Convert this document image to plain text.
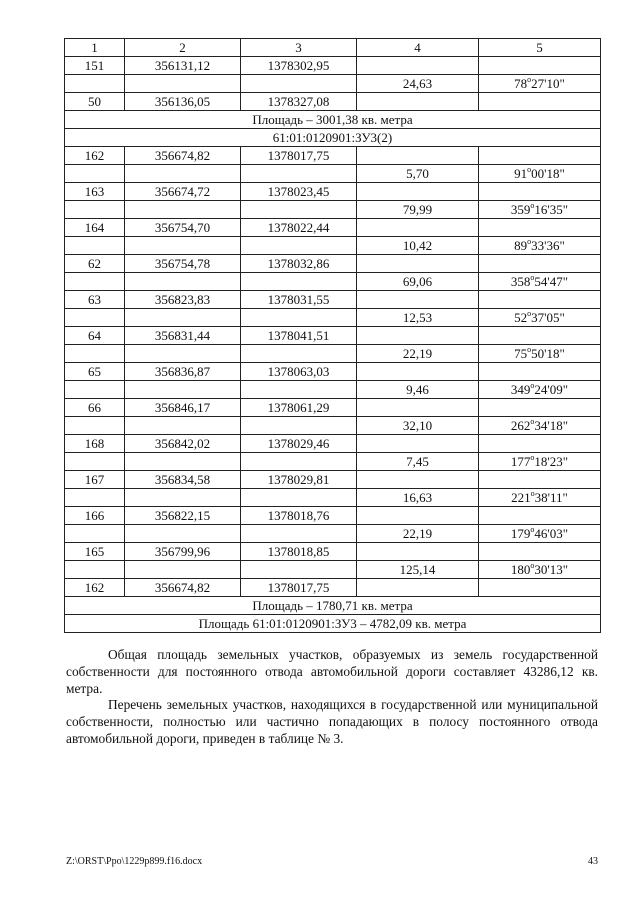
1	2	3	4	5
151	356131,12	1378302,95		
			24,63	78$^o$27'10"
50	356136,05	1378327,08		
Площадь – 3001,38 кв. метра				
61:01:0120901:ЗУ3(2)				
162	356674,82	1378017,75		
			5,70	91$^o$00'18"
163	356674,72	1378023,45		
			79,99	359$^o$16'35"
164	356754,70	1378022,44		
			10,42	89$^o$33'36"
62	356754,78	1378032,86		
			69,06	358$^o$54'47"
63	356823,83	1378031,55		
			12,53	52$^o$37'05"
64	356831,44	1378041,51		
			22,19	75$^o$50'18"
65	356836,87	1378063,03		
			9,46	349$^o$24'09"
66	356846,17	1378061,29		
			32,10	262$^o$34'18"
168	356842,02	1378029,46		
			7,45	177$^o$18'23"
167	356834,58	1378029,81		
			16,63	221$^o$38'11"
166	356822,15	1378018,76		
			22,19	179$^o$46'03"
165	356799,96	1378018,85		
			125,14	180$^o$30'13"
162	356674,82	1378017,75		
Площадь – 1780,71 кв. метра				
Площадь 61:01:0120901:ЗУ3 – 4782,09 кв. метра				

Общая площадь земельных участков, образуемых из земель государственной собственности для постоянного отвода автомобильной дороги составляет 43286,12 кв. метра.

Перечень земельных участков, находящихся в государственной или муниципальной собственности, полностью или частично попадающих в полосу постоянного отвода автомобильной дороги, приведен в таблице № 3.

Z:\ORST\Ppo\1229p899.f16.docx	43
